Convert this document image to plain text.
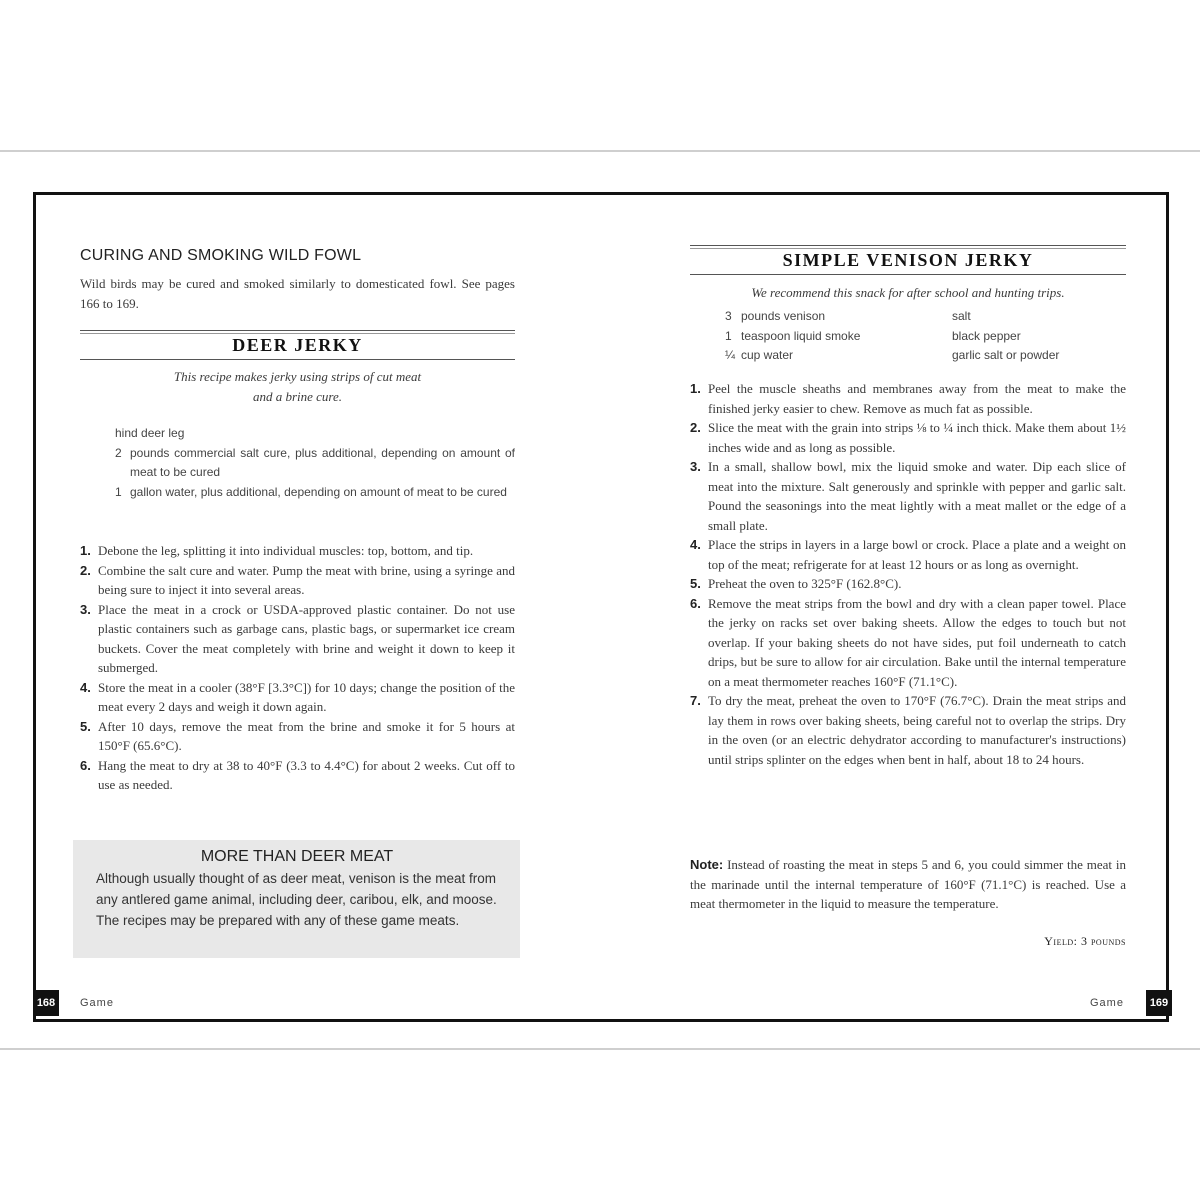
CURING AND SMOKING WILD FOWL
Wild birds may be cured and smoked similarly to domesticated fowl. See pages 166 to 169.
DEER JERKY
This recipe makes jerky using strips of cut meat
and a brine cure.
hind deer leg
2 pounds commercial salt cure, plus additional, depending on amount of meat to be cured
1 gallon water, plus additional, depending on amount of meat to be cured
1. Debone the leg, splitting it into individual muscles: top, bottom, and tip.
2. Combine the salt cure and water. Pump the meat with brine, using a syringe and being sure to inject it into several areas.
3. Place the meat in a crock or USDA-approved plastic container. Do not use plastic containers such as garbage cans, plastic bags, or supermarket ice cream buckets. Cover the meat completely with brine and weight it down to keep it submerged.
4. Store the meat in a cooler (38°F [3.3°C]) for 10 days; change the position of the meat every 2 days and weigh it down again.
5. After 10 days, remove the meat from the brine and smoke it for 5 hours at 150°F (65.6°C).
6. Hang the meat to dry at 38 to 40°F (3.3 to 4.4°C) for about 2 weeks. Cut off to use as needed.
MORE THAN DEER MEAT

Although usually thought of as deer meat, venison is the meat from any antlered game animal, including deer, caribou, elk, and moose. The recipes may be prepared with any of these game meats.

168	Game
SIMPLE VENISON JERKY
We recommend this snack for after school and hunting trips.
3 pounds venison
1 teaspoon liquid smoke
¼ cup water
salt
black pepper
garlic salt or powder
1. Peel the muscle sheaths and membranes away from the meat to make the finished jerky easier to chew. Remove as much fat as possible.
2. Slice the meat with the grain into strips ⅛ to ¼ inch thick. Make them about 1½ inches wide and as long as possible.
3. In a small, shallow bowl, mix the liquid smoke and water. Dip each slice of meat into the mixture. Salt generously and sprinkle with pepper and garlic salt. Pound the seasonings into the meat lightly with a meat mallet or the edge of a small plate.
4. Place the strips in layers in a large bowl or crock. Place a plate and a weight on top of the meat; refrigerate for at least 12 hours or as long as overnight.
5. Preheat the oven to 325°F (162.8°C).
6. Remove the meat strips from the bowl and dry with a clean paper towel. Place the jerky on racks set over baking sheets. Allow the edges to touch but not overlap. If your baking sheets do not have sides, put foil underneath to catch drips, but be sure to allow for air circulation. Bake until the internal temperature on a meat thermometer reaches 160°F (71.1°C).
7. To dry the meat, preheat the oven to 170°F (76.7°C). Drain the meat strips and lay them in rows over baking sheets, being careful not to overlap the strips. Dry in the oven (or an electric dehydrator according to manufacturer's instructions) until strips splinter on the edges when bent in half, about 18 to 24 hours.
Note: Instead of roasting the meat in steps 5 and 6, you could simmer the meat in the marinade until the internal temperature of 160°F (71.1°C) is reached. Use a meat thermometer in the liquid to measure the temperature.
Yield: 3 pounds
Game	169
